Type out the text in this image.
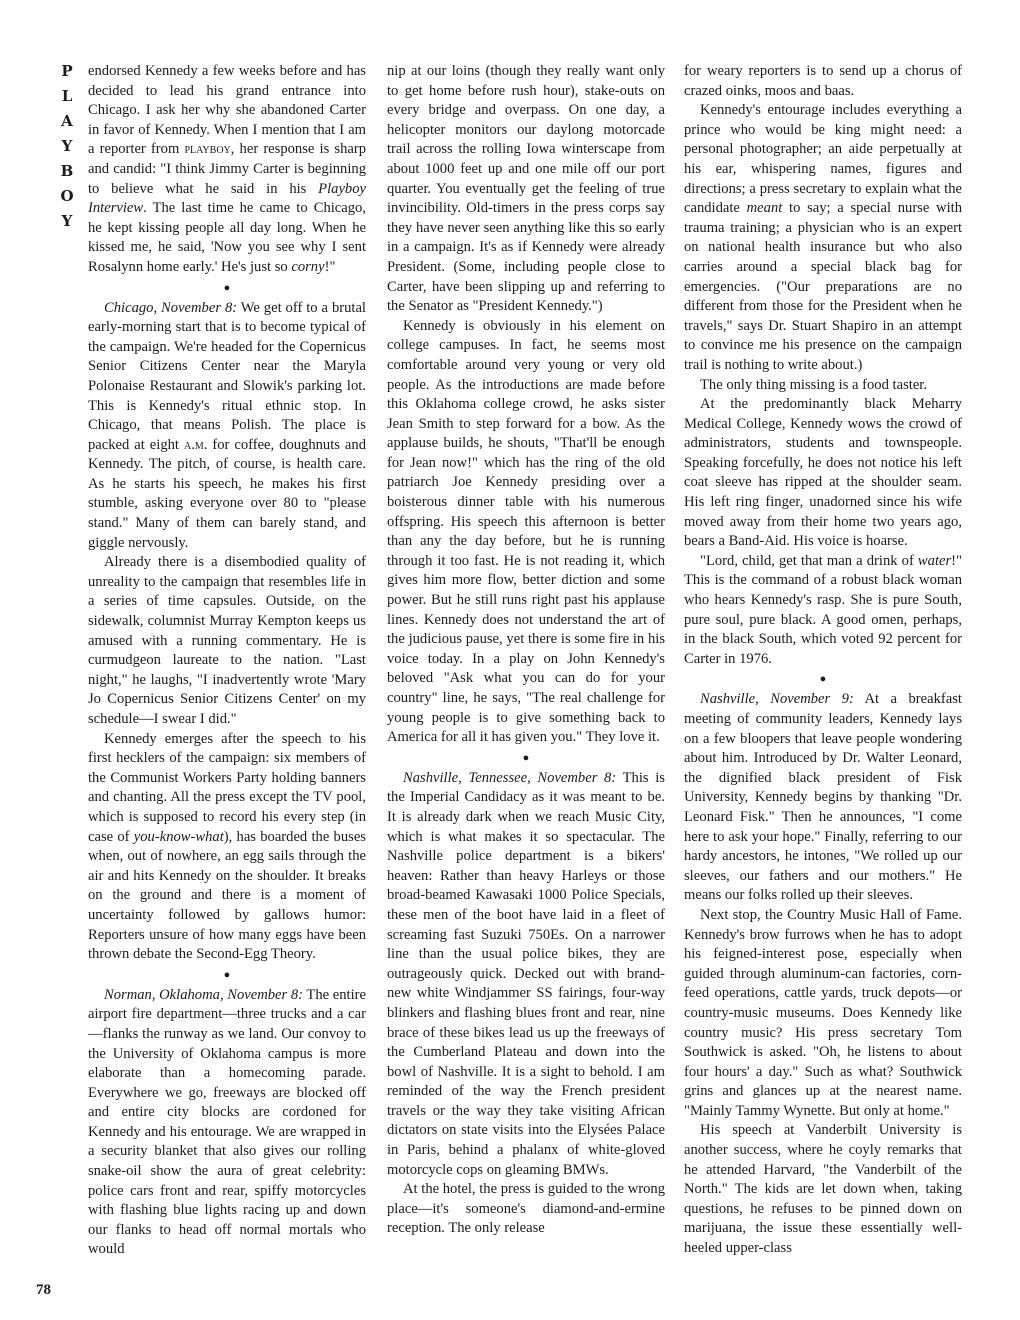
P
L
A
Y
B
O
Y
78

endorsed Kennedy a few weeks before and has decided to lead his grand entrance into Chicago. I ask her why she abandoned Carter in favor of Kennedy. When I mention that I am a reporter from playboy, her response is sharp and candid: "I think Jimmy Carter is beginning to believe what he said in his Playboy Interview. The last time he came to Chicago, he kept kissing people all day long. When he kissed me, he said, 'Now you see why I sent Rosalynn home early.' He's just so corny!"

●

Chicago, November 8: We get off to a brutal early-morning start that is to become typical of the campaign. We're headed for the Copernicus Senior Citizens Center near the Maryla Polonaise Restaurant and Slowik's parking lot. This is Kennedy's ritual ethnic stop. In Chicago, that means Polish. The place is packed at eight a.m. for coffee, doughnuts and Kennedy. The pitch, of course, is health care. As he starts his speech, he makes his first stumble, asking everyone over 80 to "please stand." Many of them can barely stand, and giggle nervously.

Already there is a disembodied quality of unreality to the campaign that resembles life in a series of time capsules. Outside, on the sidewalk, columnist Murray Kempton keeps us amused with a running commentary. He is curmudgeon laureate to the nation. "Last night," he laughs, "I inadvertently wrote 'Mary Jo Copernicus Senior Citizens Center' on my schedule—I swear I did."

Kennedy emerges after the speech to his first hecklers of the campaign: six members of the Communist Workers Party holding banners and chanting. All the press except the TV pool, which is supposed to record his every step (in case of you-know-what), has boarded the buses when, out of nowhere, an egg sails through the air and hits Kennedy on the shoulder. It breaks on the ground and there is a moment of uncertainty followed by gallows humor: Reporters unsure of how many eggs have been thrown debate the Second-Egg Theory.

●

Norman, Oklahoma, November 8: The entire airport fire department—three trucks and a car—flanks the runway as we land. Our convoy to the University of Oklahoma campus is more elaborate than a homecoming parade. Everywhere we go, freeways are blocked off and entire city blocks are cordoned for Kennedy and his entourage. We are wrapped in a security blanket that also gives our rolling snake-oil show the aura of great celebrity: police cars front and rear, spiffy motorcycles with flashing blue lights racing up and down our flanks to head off normal mortals who would

nip at our loins (though they really want only to get home before rush hour), stake-outs on every bridge and overpass. On one day, a helicopter monitors our daylong motorcade trail across the rolling Iowa winterscape from about 1000 feet up and one mile off our port quarter. You eventually get the feeling of true invincibility. Old-timers in the press corps say they have never seen anything like this so early in a campaign. It's as if Kennedy were already President. (Some, including people close to Carter, have been slipping up and referring to the Senator as "President Kennedy.")

Kennedy is obviously in his element on college campuses. In fact, he seems most comfortable around very young or very old people. As the introductions are made before this Oklahoma college crowd, he asks sister Jean Smith to step forward for a bow. As the applause builds, he shouts, "That'll be enough for Jean now!" which has the ring of the old patriarch Joe Kennedy presiding over a boisterous dinner table with his numerous offspring. His speech this afternoon is better than any the day before, but he is running through it too fast. He is not reading it, which gives him more flow, better diction and some power. But he still runs right past his applause lines. Kennedy does not understand the art of the judicious pause, yet there is some fire in his voice today. In a play on John Kennedy's beloved "Ask what you can do for your country" line, he says, "The real challenge for young people is to give something back to America for all it has given you." They love it.

●

Nashville, Tennessee, November 8: This is the Imperial Candidacy as it was meant to be. It is already dark when we reach Music City, which is what makes it so spectacular. The Nashville police department is a bikers' heaven: Rather than heavy Harleys or those broad-beamed Kawasaki 1000 Police Specials, these men of the boot have laid in a fleet of screaming fast Suzuki 750Es. On a narrower line than the usual police bikes, they are outrageously quick. Decked out with brand-new white Windjammer SS fairings, four-way blinkers and flashing blues front and rear, nine brace of these bikes lead us up the freeways of the Cumberland Plateau and down into the bowl of Nashville. It is a sight to behold. I am reminded of the way the French president travels or the way they take visiting African dictators on state visits into the Elysées Palace in Paris, behind a phalanx of white-gloved motorcycle cops on gleaming BMWs.

At the hotel, the press is guided to the wrong place—it's someone's diamond-and-ermine reception. The only release

for weary reporters is to send up a chorus of crazed oinks, moos and baas.

Kennedy's entourage includes everything a prince who would be king might need: a personal photographer; an aide perpetually at his ear, whispering names, figures and directions; a press secretary to explain what the candidate meant to say; a special nurse with trauma training; a physician who is an expert on national health insurance but who also carries around a special black bag for emergencies. ("Our preparations are no different from those for the President when he travels," says Dr. Stuart Shapiro in an attempt to convince me his presence on the campaign trail is nothing to write about.)

The only thing missing is a food taster.

At the predominantly black Meharry Medical College, Kennedy wows the crowd of administrators, students and townspeople. Speaking forcefully, he does not notice his left coat sleeve has ripped at the shoulder seam. His left ring finger, unadorned since his wife moved away from their home two years ago, bears a Band-Aid. His voice is hoarse.

"Lord, child, get that man a drink of water!" This is the command of a robust black woman who hears Kennedy's rasp. She is pure South, pure soul, pure black. A good omen, perhaps, in the black South, which voted 92 percent for Carter in 1976.

●

Nashville, November 9: At a breakfast meeting of community leaders, Kennedy lays on a few bloopers that leave people wondering about him. Introduced by Dr. Walter Leonard, the dignified black president of Fisk University, Kennedy begins by thanking "Dr. Leonard Fisk." Then he announces, "I come here to ask your hope." Finally, referring to our hardy ancestors, he intones, "We rolled up our sleeves, our fathers and our mothers." He means our folks rolled up their sleeves.

Next stop, the Country Music Hall of Fame. Kennedy's brow furrows when he has to adopt his feigned-interest pose, especially when guided through aluminum-can factories, corn-feed operations, cattle yards, truck depots—or country-music museums. Does Kennedy like country music? His press secretary Tom Southwick is asked. "Oh, he listens to about four hours' a day." Such as what? Southwick grins and glances up at the nearest name. "Mainly Tammy Wynette. But only at home."

His speech at Vanderbilt University is another success, where he coyly remarks that he attended Harvard, "the Vanderbilt of the North." The kids are let down when, taking questions, he refuses to be pinned down on marijuana, the issue these essentially well-heeled upper-class
